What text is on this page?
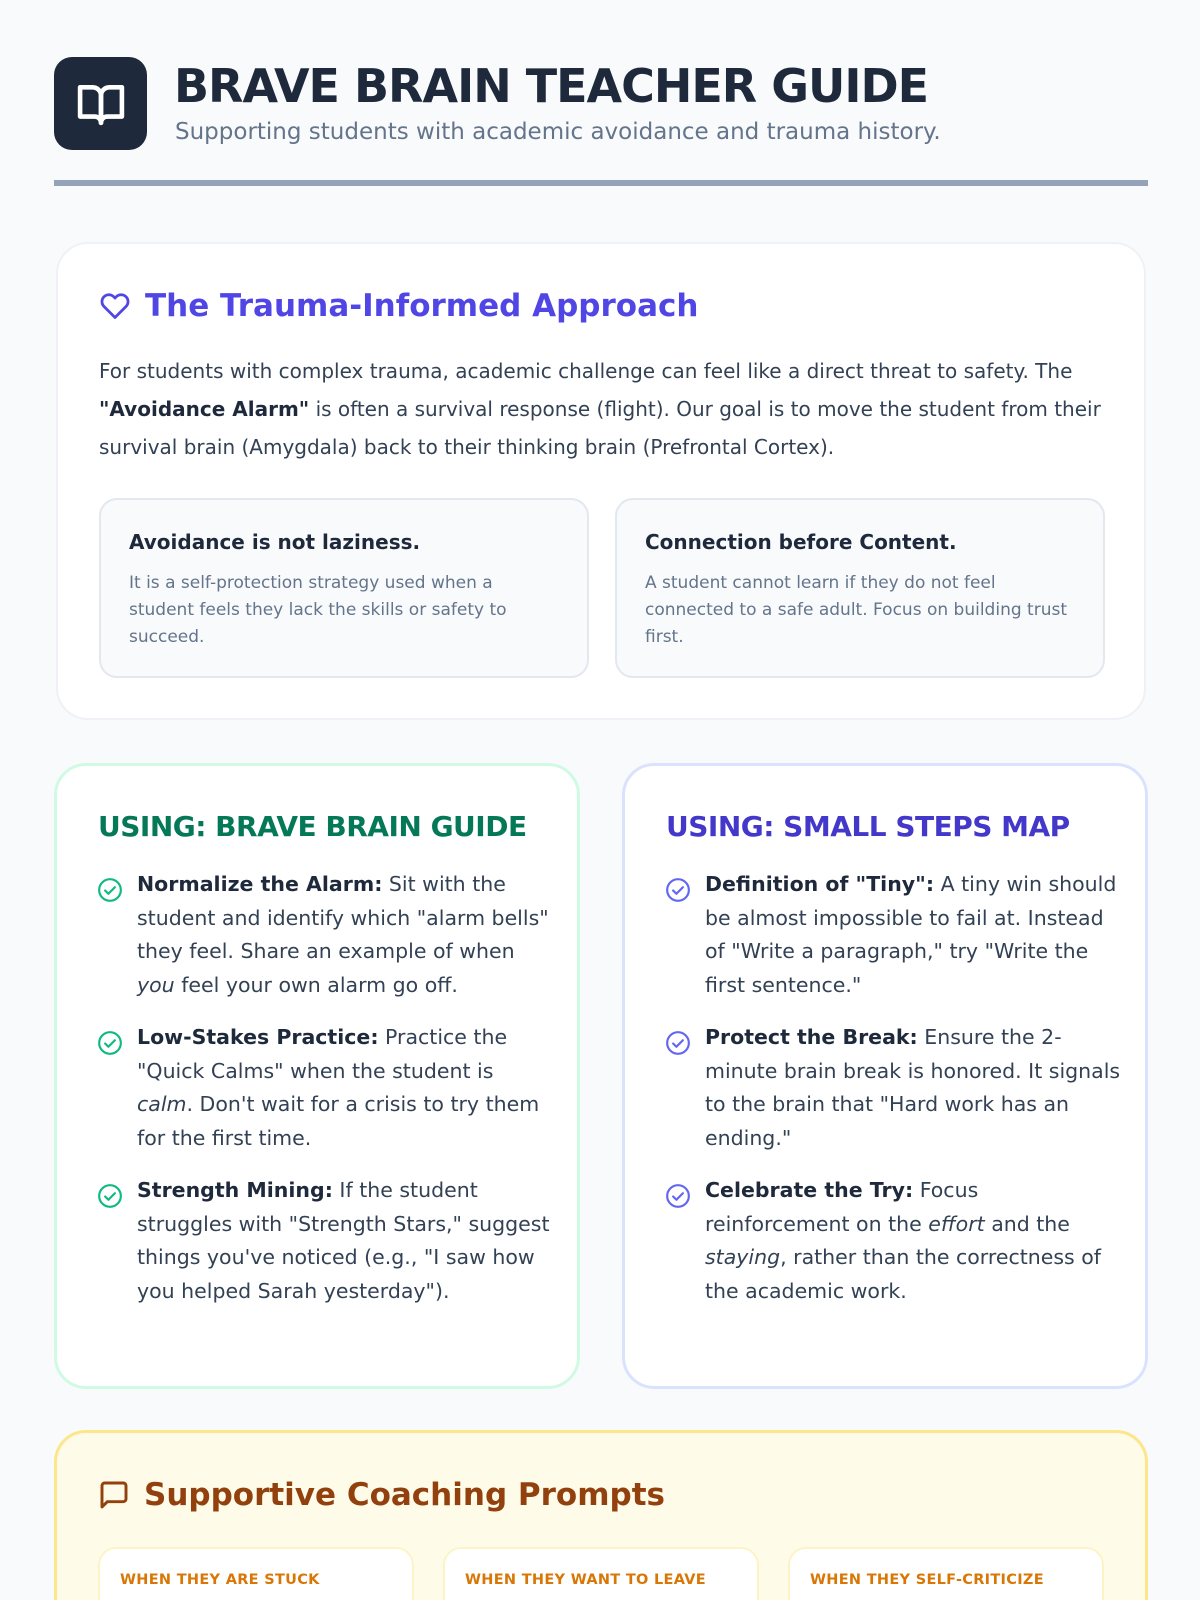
BRAVE BRAIN TEACHER GUIDE
Supporting students with academic avoidance and trauma history.
The Trauma-Informed Approach

For students with complex trauma, academic challenge can feel like a direct threat to safety. The "Avoidance Alarm" is often a survival response (flight). Our goal is to move the student from their survival brain (Amygdala) back to their thinking brain (Prefrontal Cortex).

Avoidance is not laziness.

It is a self-protection strategy used when a student feels they lack the skills or safety to succeed.

Connection before Content.

A student cannot learn if they do not feel connected to a safe adult. Focus on building trust first.

USING: BRAVE BRAIN GUIDE

Normalize the Alarm: Sit with the student and identify which "alarm bells" they feel. Share an example of when you feel your own alarm go off.

Low-Stakes Practice: Practice the "Quick Calms" when the student is calm. Don't wait for a crisis to try them for the first time.

Strength Mining: If the student struggles with "Strength Stars," suggest things you've noticed (e.g., "I saw how you helped Sarah yesterday").

USING: SMALL STEPS MAP

Definition of "Tiny": A tiny win should be almost impossible to fail at. Instead of "Write a paragraph," try "Write the first sentence."

Protect the Break: Ensure the 2-minute brain break is honored. It signals to the brain that "Hard work has an ending."

Celebrate the Try: Focus reinforcement on the effort and the staying, rather than the correctness of the academic work.

Supportive Coaching Prompts
WHEN THEY ARE STUCK	WHEN THEY WANT TO LEAVE	WHEN THEY SELF-CRITICIZE
